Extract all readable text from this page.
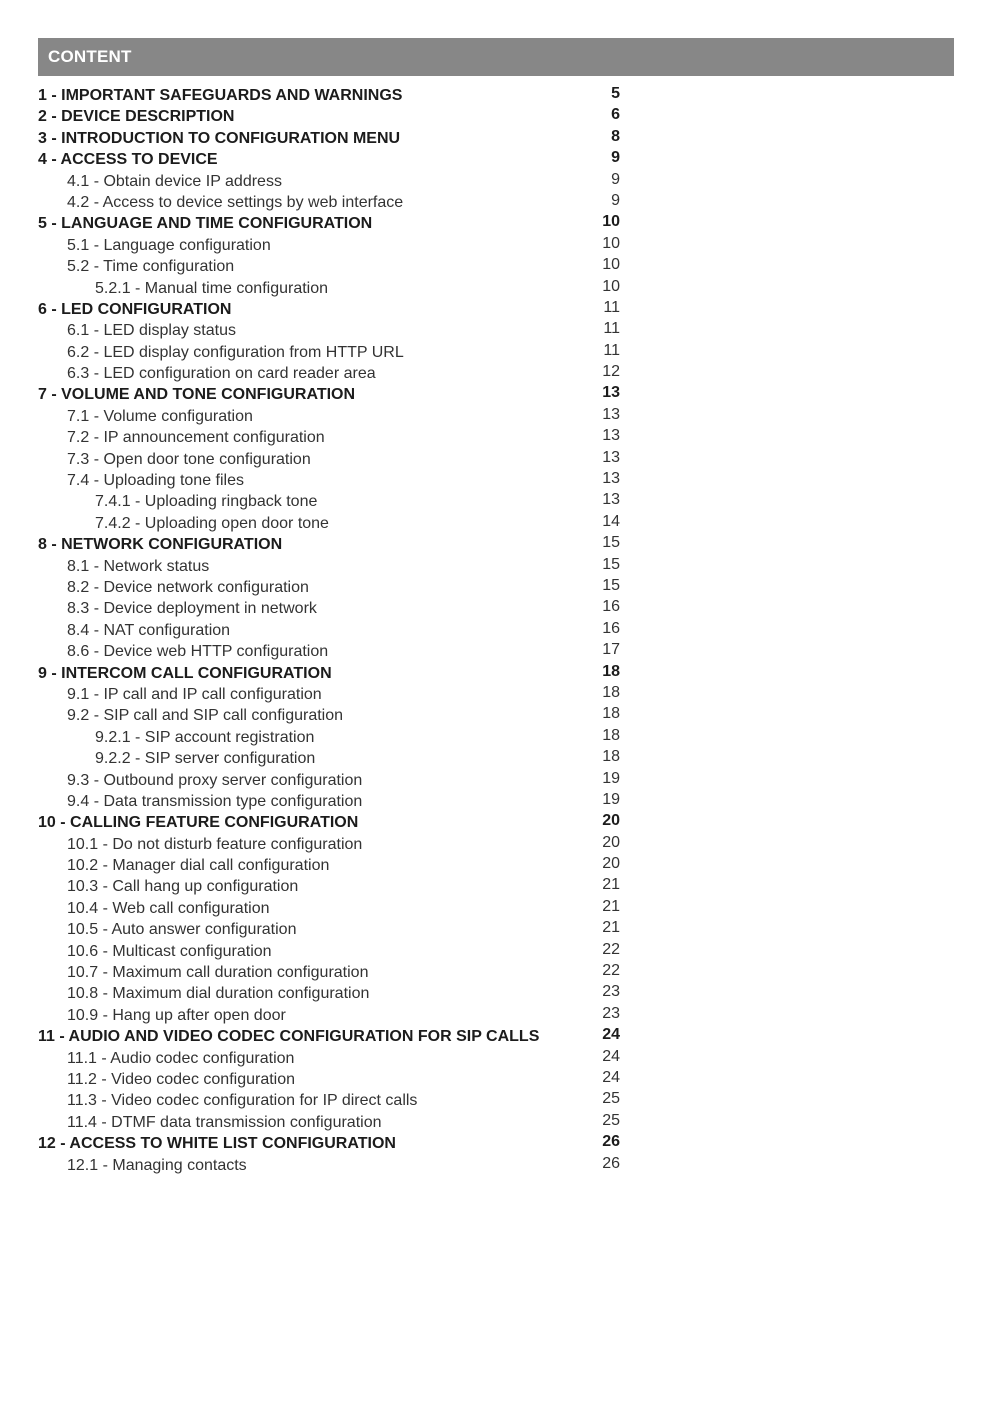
CONTENT
1 - IMPORTANT SAFEGUARDS AND WARNINGS	5
2 - DEVICE DESCRIPTION	6
3 - INTRODUCTION TO CONFIGURATION MENU	8
4 - ACCESS TO DEVICE	9
4.1 - Obtain device IP address	9
4.2 - Access to device settings by web interface	9
5 - LANGUAGE AND TIME CONFIGURATION	10
5.1 - Language configuration	10
5.2 - Time configuration	10
5.2.1 - Manual time configuration	10
6 - LED CONFIGURATION	11
6.1 - LED display status	11
6.2 - LED display configuration from HTTP URL	11
6.3 - LED configuration on card reader area	12
7 - VOLUME AND TONE CONFIGURATION	13
7.1 - Volume configuration	13
7.2 - IP announcement configuration	13
7.3 - Open door tone configuration	13
7.4 - Uploading tone files	13
7.4.1 - Uploading ringback tone	13
7.4.2 - Uploading open door tone	14
8 - NETWORK CONFIGURATION	15
8.1 - Network status	15
8.2 - Device network configuration	15
8.3 - Device deployment in network	16
8.4 - NAT configuration	16
8.6 - Device web HTTP configuration	17
9 - INTERCOM CALL CONFIGURATION	18
9.1 - IP call and IP call configuration	18
9.2 - SIP call and SIP call configuration	18
9.2.1 - SIP account registration	18
9.2.2 - SIP server configuration	18
9.3 - Outbound proxy server configuration	19
9.4 - Data transmission type configuration	19
10 - CALLING FEATURE CONFIGURATION	20
10.1 - Do not disturb feature configuration	20
10.2 - Manager dial call configuration	20
10.3 - Call hang up configuration	21
10.4 - Web call configuration	21
10.5 - Auto answer configuration	21
10.6 - Multicast configuration	22
10.7 - Maximum call duration configuration	22
10.8 - Maximum dial duration configuration	23
10.9 - Hang up after open door	23
11 - AUDIO AND VIDEO CODEC CONFIGURATION FOR SIP CALLS	24
11.1 - Audio codec configuration	24
11.2 - Video codec configuration	24
11.3 - Video codec configuration for IP direct calls	25
11.4 - DTMF data transmission configuration	25
12 - ACCESS TO WHITE LIST CONFIGURATION	26
12.1 - Managing contacts	26
